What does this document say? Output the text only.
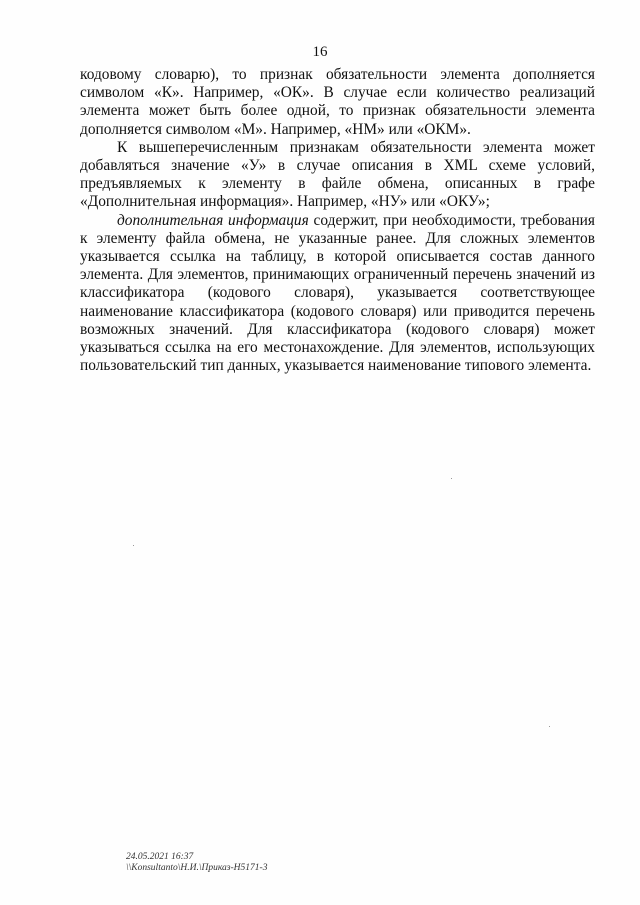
16

кодовому словарю), то признак обязательности элемента дополняется символом «К». Например, «ОК». В случае если количество реализаций элемента может быть более одной, то признак обязательности элемента дополняется символом «М». Например, «НМ» или «ОКМ».

К вышеперечисленным признакам обязательности элемента может добавляться значение «У» в случае описания в XML схеме условий, предъявляемых к элементу в файле обмена, описанных в графе «Дополнительная информация». Например, «НУ» или «ОКУ»;

дополнительная информация содержит, при необходимости, требования к элементу файла обмена, не указанные ранее. Для сложных элементов указывается ссылка на таблицу, в которой описывается состав данного элемента. Для элементов, принимающих ограниченный перечень значений из классификатора (кодового словаря), указывается соответствующее наименование классификатора (кодового словаря) или приводится перечень возможных значений. Для классификатора (кодового словаря) может указываться ссылка на его местонахождение. Для элементов, использующих пользовательский тип данных, указывается наименование типового элемента.

24.05.2021 16:37
\\Konsultanto\Н.И.\Приказ-Н5171-3
